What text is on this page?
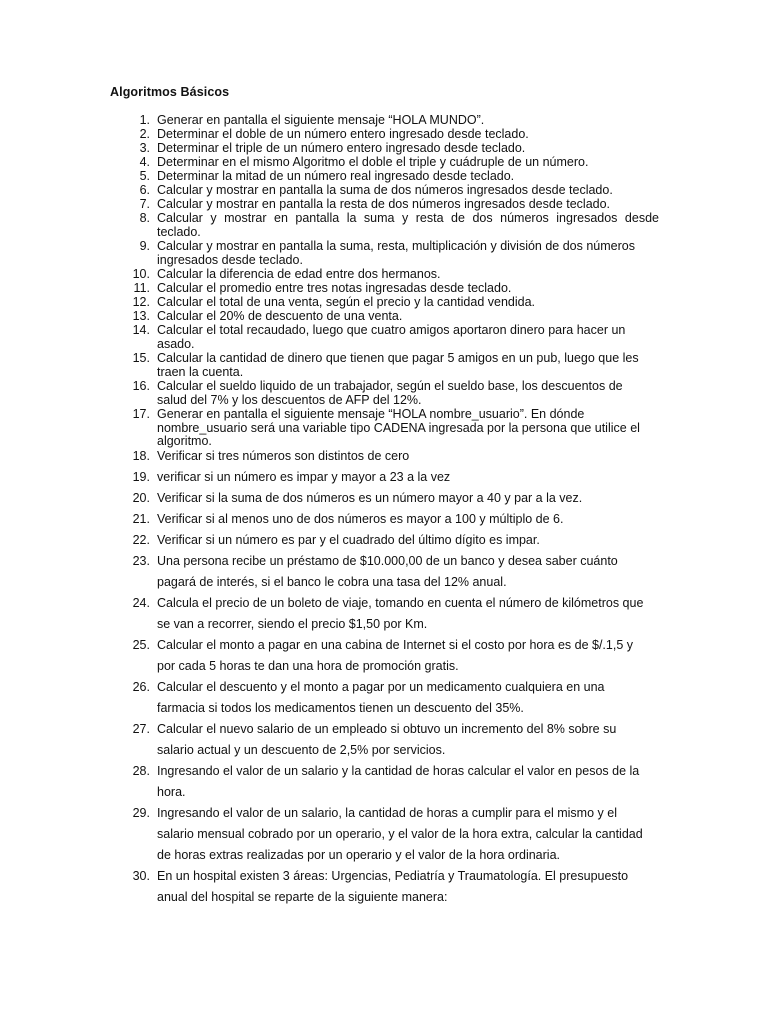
Algoritmos Básicos
1. Generar en pantalla el siguiente mensaje “HOLA MUNDO”.
2. Determinar el doble de un número entero ingresado desde teclado.
3. Determinar el triple de un número entero ingresado desde teclado.
4. Determinar en el mismo Algoritmo el doble el triple y cuádruple de un número.
5. Determinar la mitad de un número real ingresado desde teclado.
6. Calcular y mostrar en pantalla la suma de dos números ingresados desde teclado.
7. Calcular y mostrar en pantalla la resta de dos números ingresados desde teclado.
8. Calcular y mostrar en pantalla la suma y resta de dos números ingresados desde
teclado.
9. Calcular y mostrar en pantalla la suma, resta, multiplicación y división de dos números
ingresados desde teclado.
10. Calcular la diferencia de edad entre dos hermanos.
11. Calcular el promedio entre tres notas ingresadas desde teclado.
12. Calcular el total de una venta, según el precio y la cantidad vendida.
13. Calcular el 20% de descuento de una venta.
14. Calcular el total recaudado, luego que cuatro amigos aportaron dinero para hacer un
asado.
15. Calcular la cantidad de dinero que tienen que pagar 5 amigos en un pub, luego que les
traen la cuenta.
16. Calcular el sueldo liquido de un trabajador, según el sueldo base, los descuentos de
salud del 7% y los descuentos de AFP del 12%.
17. Generar en pantalla el siguiente mensaje “HOLA nombre_usuario”. En dónde
nombre_usuario será una variable tipo CADENA ingresada por la persona que utilice el
algoritmo.
18. Verificar si tres números son distintos de cero
19. verificar si un número es impar y mayor a 23 a la vez
20. Verificar si la suma de dos números es un número mayor a 40 y par a la vez.
21. Verificar si al menos uno de dos números es mayor a 100 y múltiplo de 6.
22. Verificar si un número es par y el cuadrado del último dígito es impar.
23. Una persona recibe un préstamo de $10.000,00 de un banco y desea saber cuánto
pagará de interés, si el banco le cobra una tasa del 12% anual.
24. Calcula el precio de un boleto de viaje, tomando en cuenta el número de kilómetros que
se van a recorrer, siendo el precio $1,50 por Km.
25. Calcular el monto a pagar en una cabina de Internet si el costo por hora es de $/.1,5 y
por cada 5 horas te dan una hora de promoción gratis.
26. Calcular el descuento y el monto a pagar por un medicamento cualquiera en una
farmacia si todos los medicamentos tienen un descuento del 35%.
27. Calcular el nuevo salario de un empleado si obtuvo un incremento del 8% sobre su
salario actual y un descuento de 2,5% por servicios.
28. Ingresando el valor de un salario y la cantidad de horas calcular el valor en pesos de la
hora.
29. Ingresando el valor de un salario, la cantidad de horas a cumplir para el mismo y el
salario mensual cobrado por un operario, y el valor de la hora extra, calcular la cantidad
de horas extras realizadas por un operario y el valor de la hora ordinaria.
30. En un hospital existen 3 áreas: Urgencias, Pediatría y Traumatología. El presupuesto
anual del hospital se reparte de la siguiente manera:
